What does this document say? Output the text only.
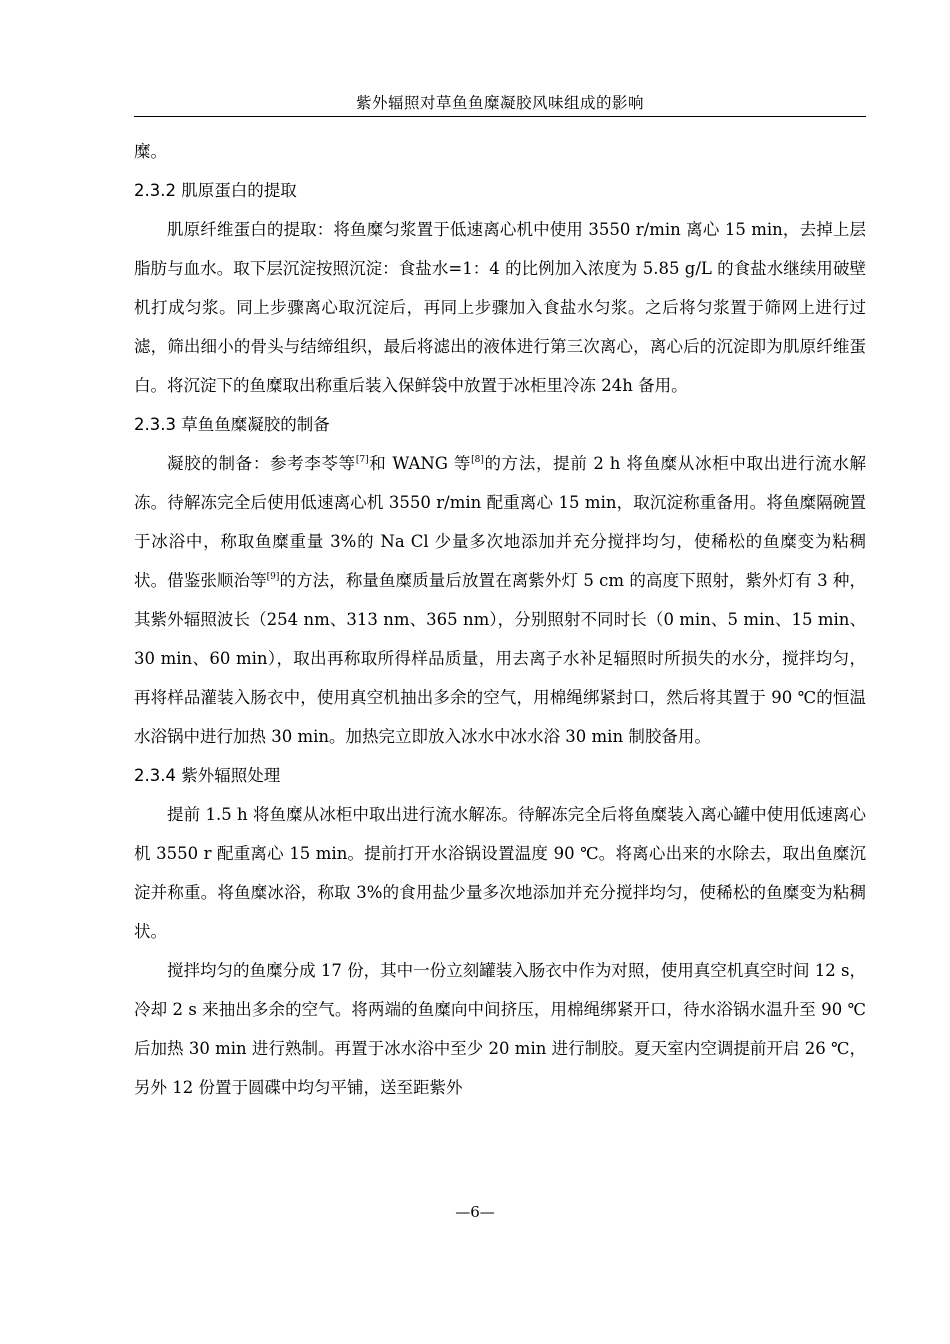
紫外辐照对草鱼鱼糜凝胶风味组成的影响

糜。

2.3.2 肌原蛋白的提取

肌原纤维蛋白的提取：将鱼糜匀浆置于低速离心机中使用 3550 r/min 离心 15 min，去掉上层脂肪与血水。取下层沉淀按照沉淀：食盐水=1：4 的比例加入浓度为 5.85 g/L 的食盐水继续用破壁机打成匀浆。同上步骤离心取沉淀后，再同上步骤加入食盐水匀浆。之后将匀浆置于筛网上进行过滤，筛出细小的骨头与结缔组织，最后将滤出的液体进行第三次离心，离心后的沉淀即为肌原纤维蛋白。将沉淀下的鱼糜取出称重后装入保鲜袋中放置于冰柜里冷冻 24h 备用。

2.3.3 草鱼鱼糜凝胶的制备

凝胶的制备：参考李苓等[7]和 WANG 等[8]的方法，提前 2 h 将鱼糜从冰柜中取出进行流水解冻。待解冻完全后使用低速离心机 3550 r/min 配重离心 15 min，取沉淀称重备用。将鱼糜隔碗置于冰浴中，称取鱼糜重量 3%的 Na Cl 少量多次地添加并充分搅拌均匀，使稀松的鱼糜变为粘稠状。借鉴张顺治等[9]的方法，称量鱼糜质量后放置在离紫外灯 5 cm 的高度下照射，紫外灯有 3 种，其紫外辐照波长（254 nm、313 nm、365 nm），分别照射不同时长（0 min、5 min、15 min、30 min、60 min），取出再称取所得样品质量，用去离子水补足辐照时所损失的水分，搅拌均匀，再将样品灌装入肠衣中，使用真空机抽出多余的空气，用棉绳绑紧封口，然后将其置于 90 ℃的恒温水浴锅中进行加热 30 min。加热完立即放入冰水中冰水浴 30 min 制胶备用。

2.3.4 紫外辐照处理

提前 1.5 h 将鱼糜从冰柜中取出进行流水解冻。待解冻完全后将鱼糜装入离心罐中使用低速离心机 3550 r 配重离心 15 min。提前打开水浴锅设置温度 90 ℃。将离心出来的水除去，取出鱼糜沉淀并称重。将鱼糜冰浴，称取 3%的食用盐少量多次地添加并充分搅拌均匀，使稀松的鱼糜变为粘稠状。

搅拌均匀的鱼糜分成 17 份，其中一份立刻罐装入肠衣中作为对照，使用真空机真空时间 12 s，冷却 2 s 来抽出多余的空气。将两端的鱼糜向中间挤压，用棉绳绑紧开口，待水浴锅水温升至 90 ℃后加热 30 min 进行熟制。再置于冰水浴中至少 20 min 进行制胶。夏天室内空调提前开启 26 ℃，另外 12 份置于圆碟中均匀平铺，送至距紫外

—6—
